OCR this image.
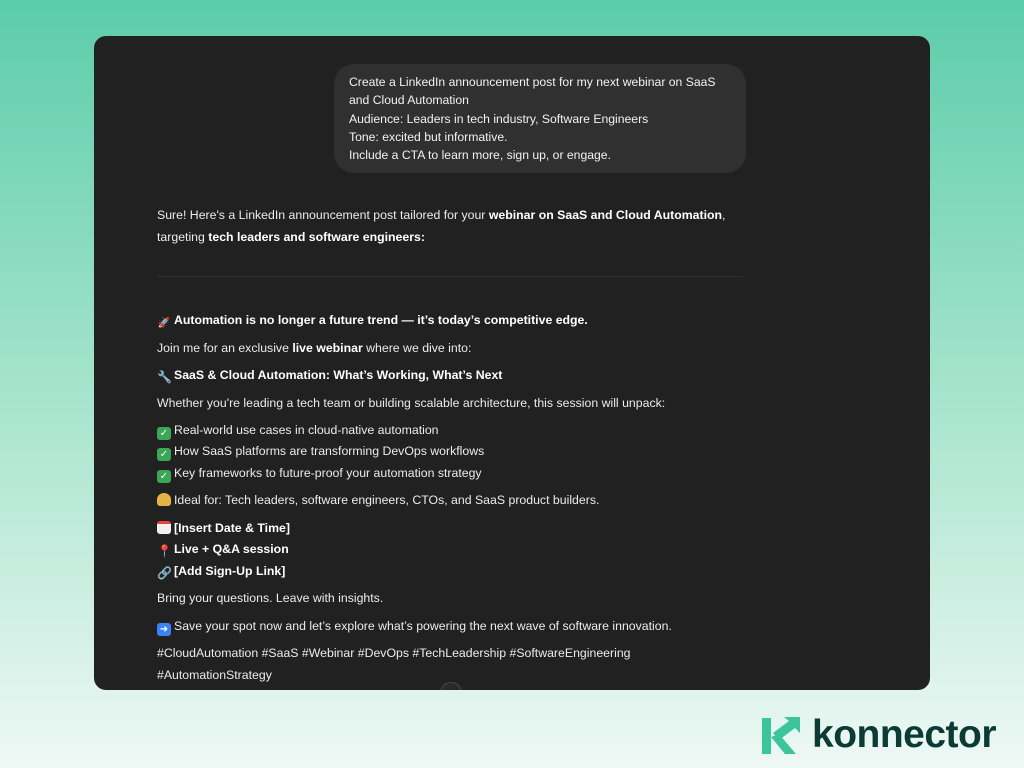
Create a LinkedIn announcement post for my next webinar on SaaS
and Cloud Automation
Audience: Leaders in tech industry, Software Engineers
Tone: excited but informative.
Include a CTA to learn more, sign up, or engage.
Sure! Here's a LinkedIn announcement post tailored for your webinar on SaaS and Cloud Automation,
targeting tech leaders and software engineers:
🚀 Automation is no longer a future trend — it’s today’s competitive edge.
Join me for an exclusive live webinar where we dive into:
🔧 SaaS & Cloud Automation: What’s Working, What’s Next
Whether you're leading a tech team or building scalable architecture, this session will unpack:
✓ Real-world use cases in cloud-native automation
✓ How SaaS platforms are transforming DevOps workflows
✓ Key frameworks to future-proof your automation strategy
Ideal for: Tech leaders, software engineers, CTOs, and SaaS product builders.
[Insert Date & Time]
📍 Live + Q&A session
🔗 [Add Sign-Up Link]
Bring your questions. Leave with insights.
➜ Save your spot now and let’s explore what’s powering the next wave of software innovation.
#CloudAutomation #SaaS #Webinar #DevOps #TechLeadership #SoftwareEngineering
#AutomationStrategy
konnector
